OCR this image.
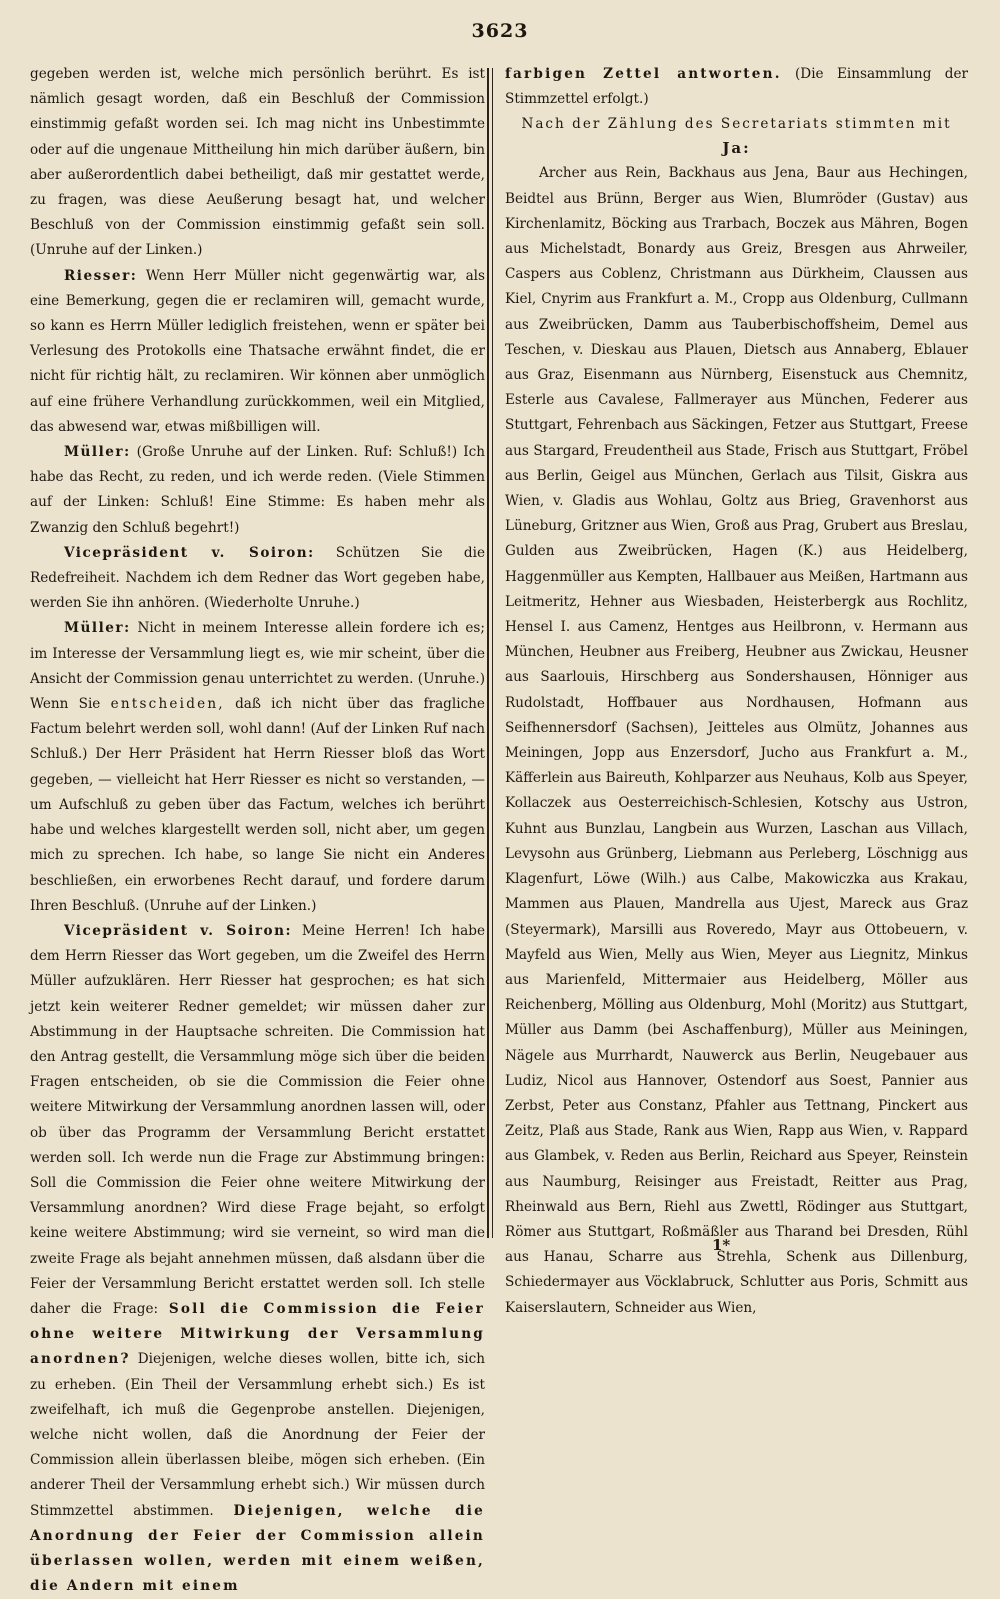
3623

gegeben werden ist, welche mich persönlich berührt. Es ist nämlich gesagt worden, daß ein Beschluß der Commission einstimmig gefaßt worden sei. Ich mag nicht ins Unbestimmte oder auf die ungenaue Mittheilung hin mich darüber äußern, bin aber außerordentlich dabei betheiligt, daß mir gestattet werde, zu fragen, was diese Aeußerung besagt hat, und welcher Beschluß von der Commission einstimmig gefaßt sein soll. (Unruhe auf der Linken.)

Riesser: Wenn Herr Müller nicht gegenwärtig war, als eine Bemerkung, gegen die er reclamiren will, gemacht wurde, so kann es Herrn Müller lediglich freistehen, wenn er später bei Verlesung des Protokolls eine Thatsache erwähnt findet, die er nicht für richtig hält, zu reclamiren. Wir können aber unmöglich auf eine frühere Verhandlung zurückkommen, weil ein Mitglied, das abwesend war, etwas mißbilligen will.

Müller: (Große Unruhe auf der Linken. Ruf: Schluß!) Ich habe das Recht, zu reden, und ich werde reden. (Viele Stimmen auf der Linken: Schluß! Eine Stimme: Es haben mehr als Zwanzig den Schluß begehrt!)

Vicepräsident v. Soiron: Schützen Sie die Redefreiheit. Nachdem ich dem Redner das Wort gegeben habe, werden Sie ihn anhören. (Wiederholte Unruhe.)

Müller: Nicht in meinem Interesse allein fordere ich es; im Interesse der Versammlung liegt es, wie mir scheint, über die Ansicht der Commission genau unterrichtet zu werden. (Unruhe.) Wenn Sie entscheiden, daß ich nicht über das fragliche Factum belehrt werden soll, wohl dann! (Auf der Linken Ruf nach Schluß.) Der Herr Präsident hat Herrn Riesser bloß das Wort gegeben, — vielleicht hat Herr Riesser es nicht so verstanden, — um Aufschluß zu geben über das Factum, welches ich berührt habe und welches klargestellt werden soll, nicht aber, um gegen mich zu sprechen. Ich habe, so lange Sie nicht ein Anderes beschließen, ein erworbenes Recht darauf, und fordere darum Ihren Beschluß. (Unruhe auf der Linken.)

Vicepräsident v. Soiron: Meine Herren! Ich habe dem Herrn Riesser das Wort gegeben, um die Zweifel des Herrn Müller aufzuklären. Herr Riesser hat gesprochen; es hat sich jetzt kein weiterer Redner gemeldet; wir müssen daher zur Abstimmung in der Hauptsache schreiten. Die Commission hat den Antrag gestellt, die Versammlung möge sich über die beiden Fragen entscheiden, ob sie die Commission die Feier ohne weitere Mitwirkung der Versammlung anordnen lassen will, oder ob über das Programm der Versammlung Bericht erstattet werden soll. Ich werde nun die Frage zur Abstimmung bringen: Soll die Commission die Feier ohne weitere Mitwirkung der Versammlung anordnen? Wird diese Frage bejaht, so erfolgt keine weitere Abstimmung; wird sie verneint, so wird man die zweite Frage als bejaht annehmen müssen, daß alsdann über die Feier der Versammlung Bericht erstattet werden soll. Ich stelle daher die Frage: Soll die Commission die Feier ohne weitere Mitwirkung der Versammlung anordnen? Diejenigen, welche dieses wollen, bitte ich, sich zu erheben. (Ein Theil der Versammlung erhebt sich.) Es ist zweifelhaft, ich muß die Gegenprobe anstellen. Diejenigen, welche nicht wollen, daß die Anordnung der Feier der Commission allein überlassen bleibe, mögen sich erheben. (Ein anderer Theil der Versammlung erhebt sich.) Wir müssen durch Stimmzettel abstimmen. Diejenigen, welche die Anordnung der Feier der Commission allein überlassen wollen, werden mit einem weißen, die Andern mit einem

farbigen Zettel antworten. (Die Einsammlung der Stimmzettel erfolgt.)

Nach der Zählung des Secretariats stimmten mit Ja:

Archer aus Rein, Backhaus aus Jena, Baur aus Hechingen, Beidtel aus Brünn, Berger aus Wien, Blumröder (Gustav) aus Kirchenlamitz, Böcking aus Trarbach, Boczek aus Mähren, Bogen aus Michelstadt, Bonardy aus Greiz, Bresgen aus Ahrweiler, Caspers aus Coblenz, Christmann aus Dürkheim, Claussen aus Kiel, Cnyrim aus Frankfurt a. M., Cropp aus Oldenburg, Cullmann aus Zweibrücken, Damm aus Tauberbischoffsheim, Demel aus Teschen, v. Dieskau aus Plauen, Dietsch aus Annaberg, Eblauer aus Graz, Eisenmann aus Nürnberg, Eisenstuck aus Chemnitz, Esterle aus Cavalese, Fallmerayer aus München, Federer aus Stuttgart, Fehrenbach aus Säckingen, Fetzer aus Stuttgart, Freese aus Stargard, Freudentheil aus Stade, Frisch aus Stuttgart, Fröbel aus Berlin, Geigel aus München, Gerlach aus Tilsit, Giskra aus Wien, v. Gladis aus Wohlau, Goltz aus Brieg, Gravenhorst aus Lüneburg, Gritzner aus Wien, Groß aus Prag, Grubert aus Breslau, Gulden aus Zweibrücken, Hagen (K.) aus Heidelberg, Haggenmüller aus Kempten, Hallbauer aus Meißen, Hartmann aus Leitmeritz, Hehner aus Wiesbaden, Heisterbergk aus Rochlitz, Hensel I. aus Camenz, Hentges aus Heilbronn, v. Hermann aus München, Heubner aus Freiberg, Heubner aus Zwickau, Heusner aus Saarlouis, Hirschberg aus Sondershausen, Hönniger aus Rudolstadt, Hoffbauer aus Nordhausen, Hofmann aus Seifhennersdorf (Sachsen), Jeitteles aus Olmütz, Johannes aus Meiningen, Jopp aus Enzersdorf, Jucho aus Frankfurt a. M., Käfferlein aus Baireuth, Kohlparzer aus Neuhaus, Kolb aus Speyer, Kollaczek aus Oesterreichisch-Schlesien, Kotschy aus Ustron, Kuhnt aus Bunzlau, Langbein aus Wurzen, Laschan aus Villach, Levysohn aus Grünberg, Liebmann aus Perleberg, Löschnigg aus Klagenfurt, Löwe (Wilh.) aus Calbe, Makowiczka aus Krakau, Mammen aus Plauen, Mandrella aus Ujest, Mareck aus Graz (Steyermark), Marsilli aus Roveredo, Mayr aus Ottobeuern, v. Mayfeld aus Wien, Melly aus Wien, Meyer aus Liegnitz, Minkus aus Marienfeld, Mittermaier aus Heidelberg, Möller aus Reichenberg, Mölling aus Oldenburg, Mohl (Moritz) aus Stuttgart, Müller aus Damm (bei Aschaffenburg), Müller aus Meiningen, Nägele aus Murrhardt, Nauwerck aus Berlin, Neugebauer aus Ludiz, Nicol aus Hannover, Ostendorf aus Soest, Pannier aus Zerbst, Peter aus Constanz, Pfahler aus Tettnang, Pinckert aus Zeitz, Plaß aus Stade, Rank aus Wien, Rapp aus Wien, v. Rappard aus Glambek, v. Reden aus Berlin, Reichard aus Speyer, Reinstein aus Naumburg, Reisinger aus Freistadt, Reitter aus Prag, Rheinwald aus Bern, Riehl aus Zwettl, Rödinger aus Stuttgart, Römer aus Stuttgart, Roßmäßler aus Tharand bei Dresden, Rühl aus Hanau, Scharre aus Strehla, Schenk aus Dillenburg, Schiedermayer aus Vöcklabruck, Schlutter aus Poris, Schmitt aus Kaiserslautern, Schneider aus Wien,

1*
